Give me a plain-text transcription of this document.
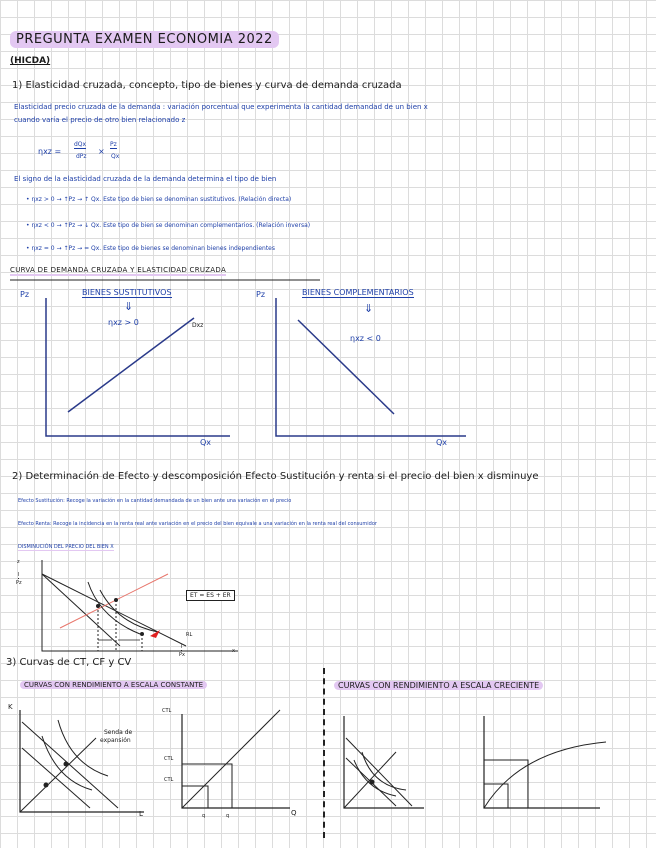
PREGUNTA EXAMEN ECONOMIA 2022
(HICDA)
1) Elasticidad cruzada, concepto, tipo de bienes y curva de demanda cruzada
Elasticidad precio cruzada de la demanda : variación porcentual que experimenta la cantidad demandad de un bien x
cuando varía el precio de otro bien relacionado z
ηxz =
dQx
dPz
×
Pz
Qx
El signo de la elasticidad cruzada de la demanda determina el tipo de bien
• ηxz > 0 → ↑Pz → ↑ Qx. Este tipo de bien se denominan sustitutivos. (Relación directa)
• ηxz < 0 → ↑Pz → ↓ Qx. Este tipo de bien se denominan complementarios. (Relación inversa)
• ηxz = 0 → ↑Pz → = Qx. Este tipo de bienes se denominan bienes independientes
CURVA DE DEMANDA CRUZADA Y ELASTICIDAD CRUZADA
Pz	BIENES SUSTITUTIVOS
⇓
ηxz > 0	Dxz
Qx
Pz	BIENES COMPLEMENTARIOS
⇓
ηxz < 0
Qx
2) Determinación de Efecto y descomposición Efecto Sustitución y renta si el precio del bien x disminuye
Efecto Sustitución: Recoge la variación en la cantidad demandada de un bien ante una variación en el precio
Efecto Renta: Recoge la incidencia en la renta real ante variación en el precio del bien equivale a una variación en la renta real del consumidor
DISMINUCIÓN DEL PRECIO DEL BIEN X
z
I
Pz
ET = ES + ER
x
I
Px
RL
3) Curvas de CT, CF y CV
CURVAS CON RENDIMIENTO A ESCALA CONSTANTE	CURVAS CON RENDIMIENTO A ESCALA CRECIENTE
K
L
Senda de
expansión
CTL
CTL
CTL
Q
q	q
